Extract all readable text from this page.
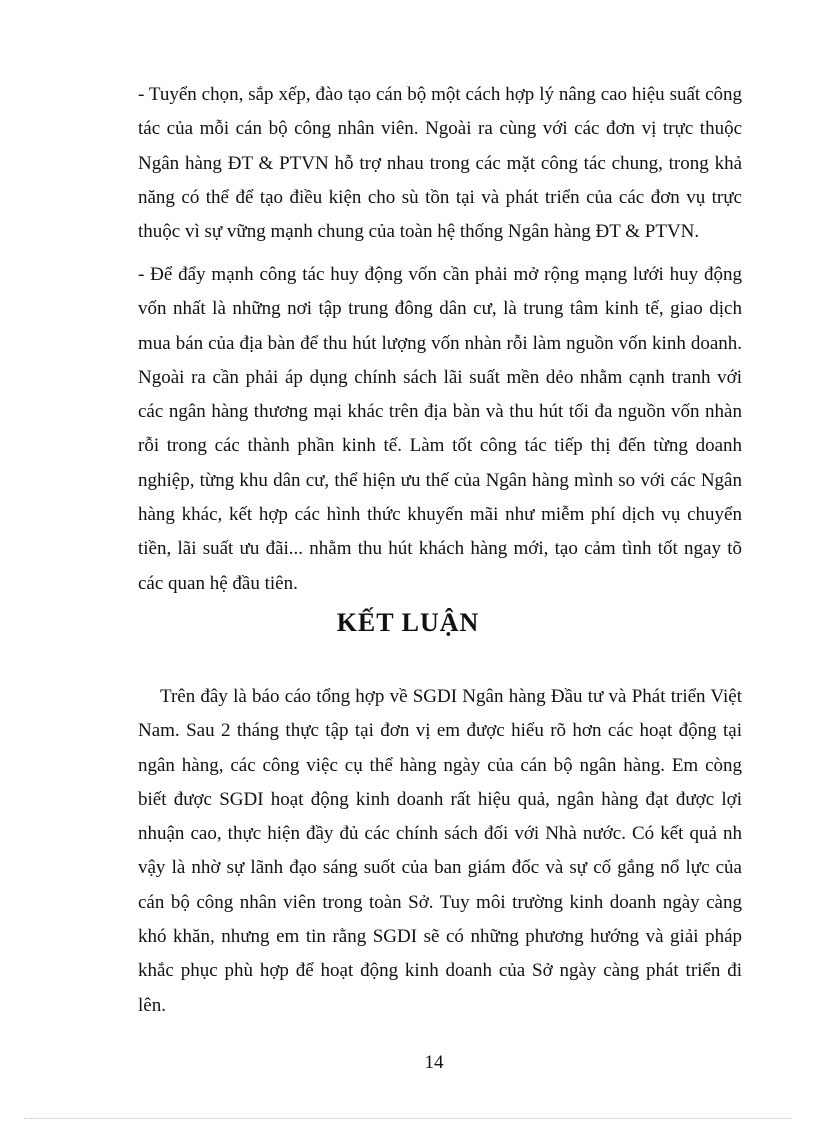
- Tuyển chọn, sắp xếp, đào tạo cán bộ một cách hợp lý nâng cao hiệu suất công tác của mỗi cán bộ công nhân viên. Ngoài ra cùng với các đơn vị trực thuộc Ngân hàng ĐT & PTVN hỗ trợ nhau trong các mặt công tác chung, trong khả năng có thể để tạo điều kiện cho sù tồn tại và phát triển của các đơn vụ trực thuộc vì sự vững mạnh chung của toàn hệ thống Ngân hàng ĐT & PTVN.

- Để đẩy mạnh công tác huy động vốn cần phải mở rộng mạng lưới huy động vốn nhất là những nơi tập trung đông dân cư, là trung tâm kinh tế, giao dịch mua bán của địa bàn để thu hút lượng vốn nhàn rỗi làm nguồn vốn kinh doanh. Ngoài ra cần phải áp dụng chính sách lãi suất mền dẻo nhằm cạnh tranh với các ngân hàng thương mại khác trên địa bàn và thu hút tối đa nguồn vốn nhàn rỗi trong các thành phần kinh tế. Làm tốt công tác tiếp thị đến từng doanh nghiệp, từng khu dân cư, thể hiện ưu thế của Ngân hàng mình so với các Ngân hàng khác, kết hợp các hình thức khuyến mãi như miễm phí dịch vụ chuyển tiền, lãi suất ưu đãi... nhằm thu hút khách hàng mới, tạo cảm tình tốt ngay tõ các quan hệ đầu tiên.

KẾT LUẬN

Trên đây là báo cáo tổng hợp về SGDI Ngân hàng Đầu tư và Phát triển Việt Nam. Sau 2 tháng thực tập tại đơn vị em được hiểu rõ hơn các hoạt động tại ngân hàng, các công việc cụ thể hàng ngày của cán bộ ngân hàng. Em còng biết được SGDI hoạt động kinh doanh rất hiệu quả, ngân hàng đạt được lợi nhuận cao, thực hiện đầy đủ các chính sách đối với Nhà nước. Có kết quả nh vậy là nhờ sự lãnh đạo sáng suốt của ban giám đốc và sự cố gắng nổ lực của cán bộ công nhân viên trong toàn Sở. Tuy môi trường kinh doanh ngày càng khó khăn, nhưng em tin rằng SGDI sẽ có những phương hướng và giải pháp khắc phục phù hợp để hoạt động kinh doanh của Sở ngày càng phát triển đi lên.

14
